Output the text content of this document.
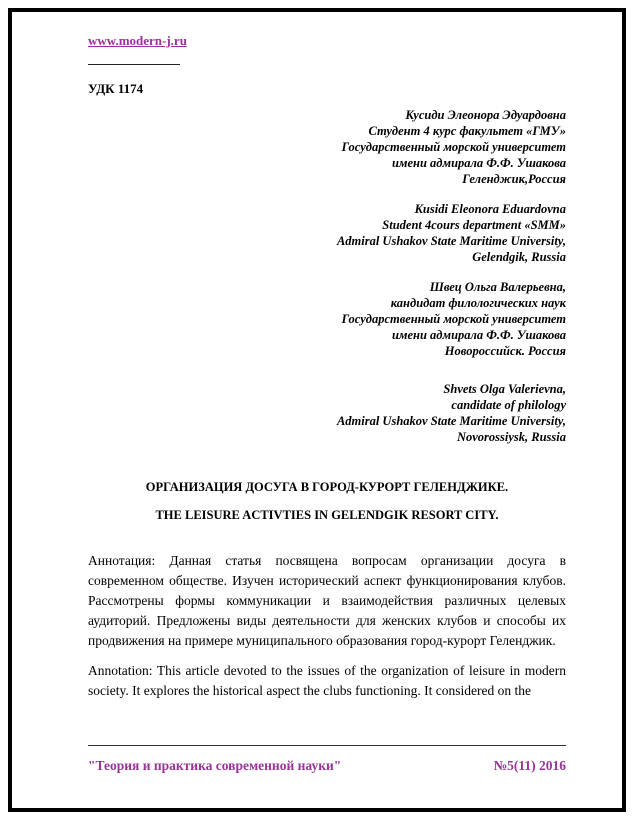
www.modern-j.ru
УДК 1174
Кусиди Элеонора Эдуардовна
Студент 4 курс факультет «ГМУ»
Государственный морской университет
имени адмирала Ф.Ф. Ушакова
Геленджик,Россия
Kusidi Eleonora Eduardovna
Student 4cours department «SMM»
Admiral Ushakov State Maritime University,
Gelendgik, Russia
Швец Ольга Валерьевна,
кандидат филологических наук
Государственный морской университет
имени адмирала Ф.Ф. Ушакова
Новороссийск. Россия
Shvets Olga Valerievna,
candidate of philology
Admiral Ushakov State Maritime University,
Novorossiysk, Russia
ОРГАНИЗАЦИЯ ДОСУГА В ГОРОД-КУРОРТ ГЕЛЕНДЖИКЕ.
THE LEISURE ACTIVTIES IN GELENDGIK RESORT CITY.
Аннотация: Данная статья посвящена вопросам организации досуга в современном обществе. Изучен исторический аспект функционирования клубов. Рассмотрены формы коммуникации и взаимодействия различных целевых аудиторий. Предложены виды деятельности для женских клубов и способы их продвижения на примере муниципального образования город-курорт Геленджик.
Annotation: This article devoted to the issues of the organization of leisure in modern society. It explores the historical aspect the clubs functioning. It considered on the
"Теория и практика современной науки"	№5(11) 2016
